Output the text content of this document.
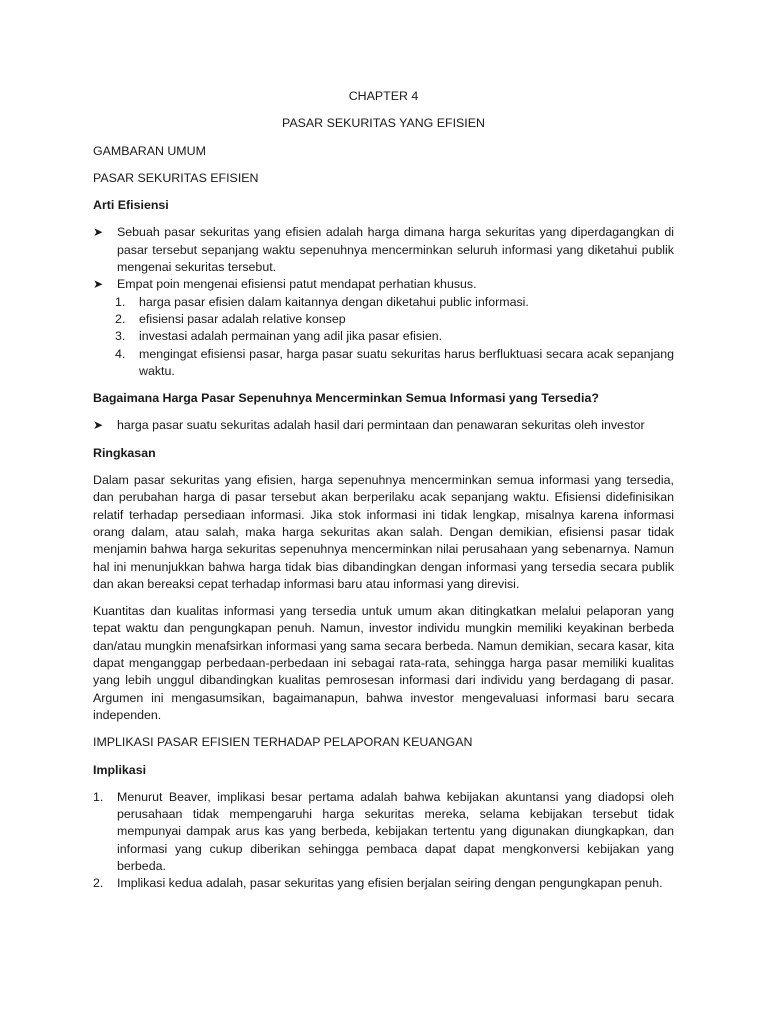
CHAPTER 4
PASAR SEKURITAS YANG EFISIEN
GAMBARAN UMUM
PASAR SEKURITAS EFISIEN
Arti Efisiensi
➤	Sebuah pasar sekuritas yang efisien adalah harga dimana harga sekuritas yang diperdagangkan di pasar tersebut sepanjang waktu sepenuhnya mencerminkan seluruh informasi yang diketahui publik mengenai sekuritas tersebut.
➤	Empat poin mengenai efisiensi patut mendapat perhatian khusus.
1. harga pasar efisien dalam kaitannya dengan diketahui public informasi.
2. efisiensi pasar adalah relative konsep
3. investasi adalah permainan yang adil jika pasar efisien.
4. mengingat efisiensi pasar, harga pasar suatu sekuritas harus berfluktuasi secara acak sepanjang waktu.
Bagaimana Harga Pasar Sepenuhnya Mencerminkan Semua Informasi yang Tersedia?
➤	harga pasar suatu sekuritas adalah hasil dari permintaan dan penawaran sekuritas oleh investor
Ringkasan

Dalam pasar sekuritas yang efisien, harga sepenuhnya mencerminkan semua informasi yang tersedia, dan perubahan harga di pasar tersebut akan berperilaku acak sepanjang waktu. Efisiensi didefinisikan relatif terhadap persediaan informasi. Jika stok informasi ini tidak lengkap, misalnya karena informasi orang dalam, atau salah, maka harga sekuritas akan salah. Dengan demikian, efisiensi pasar tidak menjamin bahwa harga sekuritas sepenuhnya mencerminkan nilai perusahaan yang sebenarnya. Namun hal ini menunjukkan bahwa harga tidak bias dibandingkan dengan informasi yang tersedia secara publik dan akan bereaksi cepat terhadap informasi baru atau informasi yang direvisi.

Kuantitas dan kualitas informasi yang tersedia untuk umum akan ditingkatkan melalui pelaporan yang tepat waktu dan pengungkapan penuh. Namun, investor individu mungkin memiliki keyakinan berbeda dan/atau mungkin menafsirkan informasi yang sama secara berbeda. Namun demikian, secara kasar, kita dapat menganggap perbedaan-perbedaan ini sebagai rata-rata, sehingga harga pasar memiliki kualitas yang lebih unggul dibandingkan kualitas pemrosesan informasi dari individu yang berdagang di pasar. Argumen ini mengasumsikan, bagaimanapun, bahwa investor mengevaluasi informasi baru secara independen.

IMPLIKASI PASAR EFISIEN TERHADAP PELAPORAN KEUANGAN
Implikasi
1. Menurut Beaver, implikasi besar pertama adalah bahwa kebijakan akuntansi yang diadopsi oleh perusahaan tidak mempengaruhi harga sekuritas mereka, selama kebijakan tersebut tidak mempunyai dampak arus kas yang berbeda, kebijakan tertentu yang digunakan diungkapkan, dan informasi yang cukup diberikan sehingga pembaca dapat dapat mengkonversi kebijakan yang berbeda.
2. Implikasi kedua adalah, pasar sekuritas yang efisien berjalan seiring dengan pengungkapan penuh.
